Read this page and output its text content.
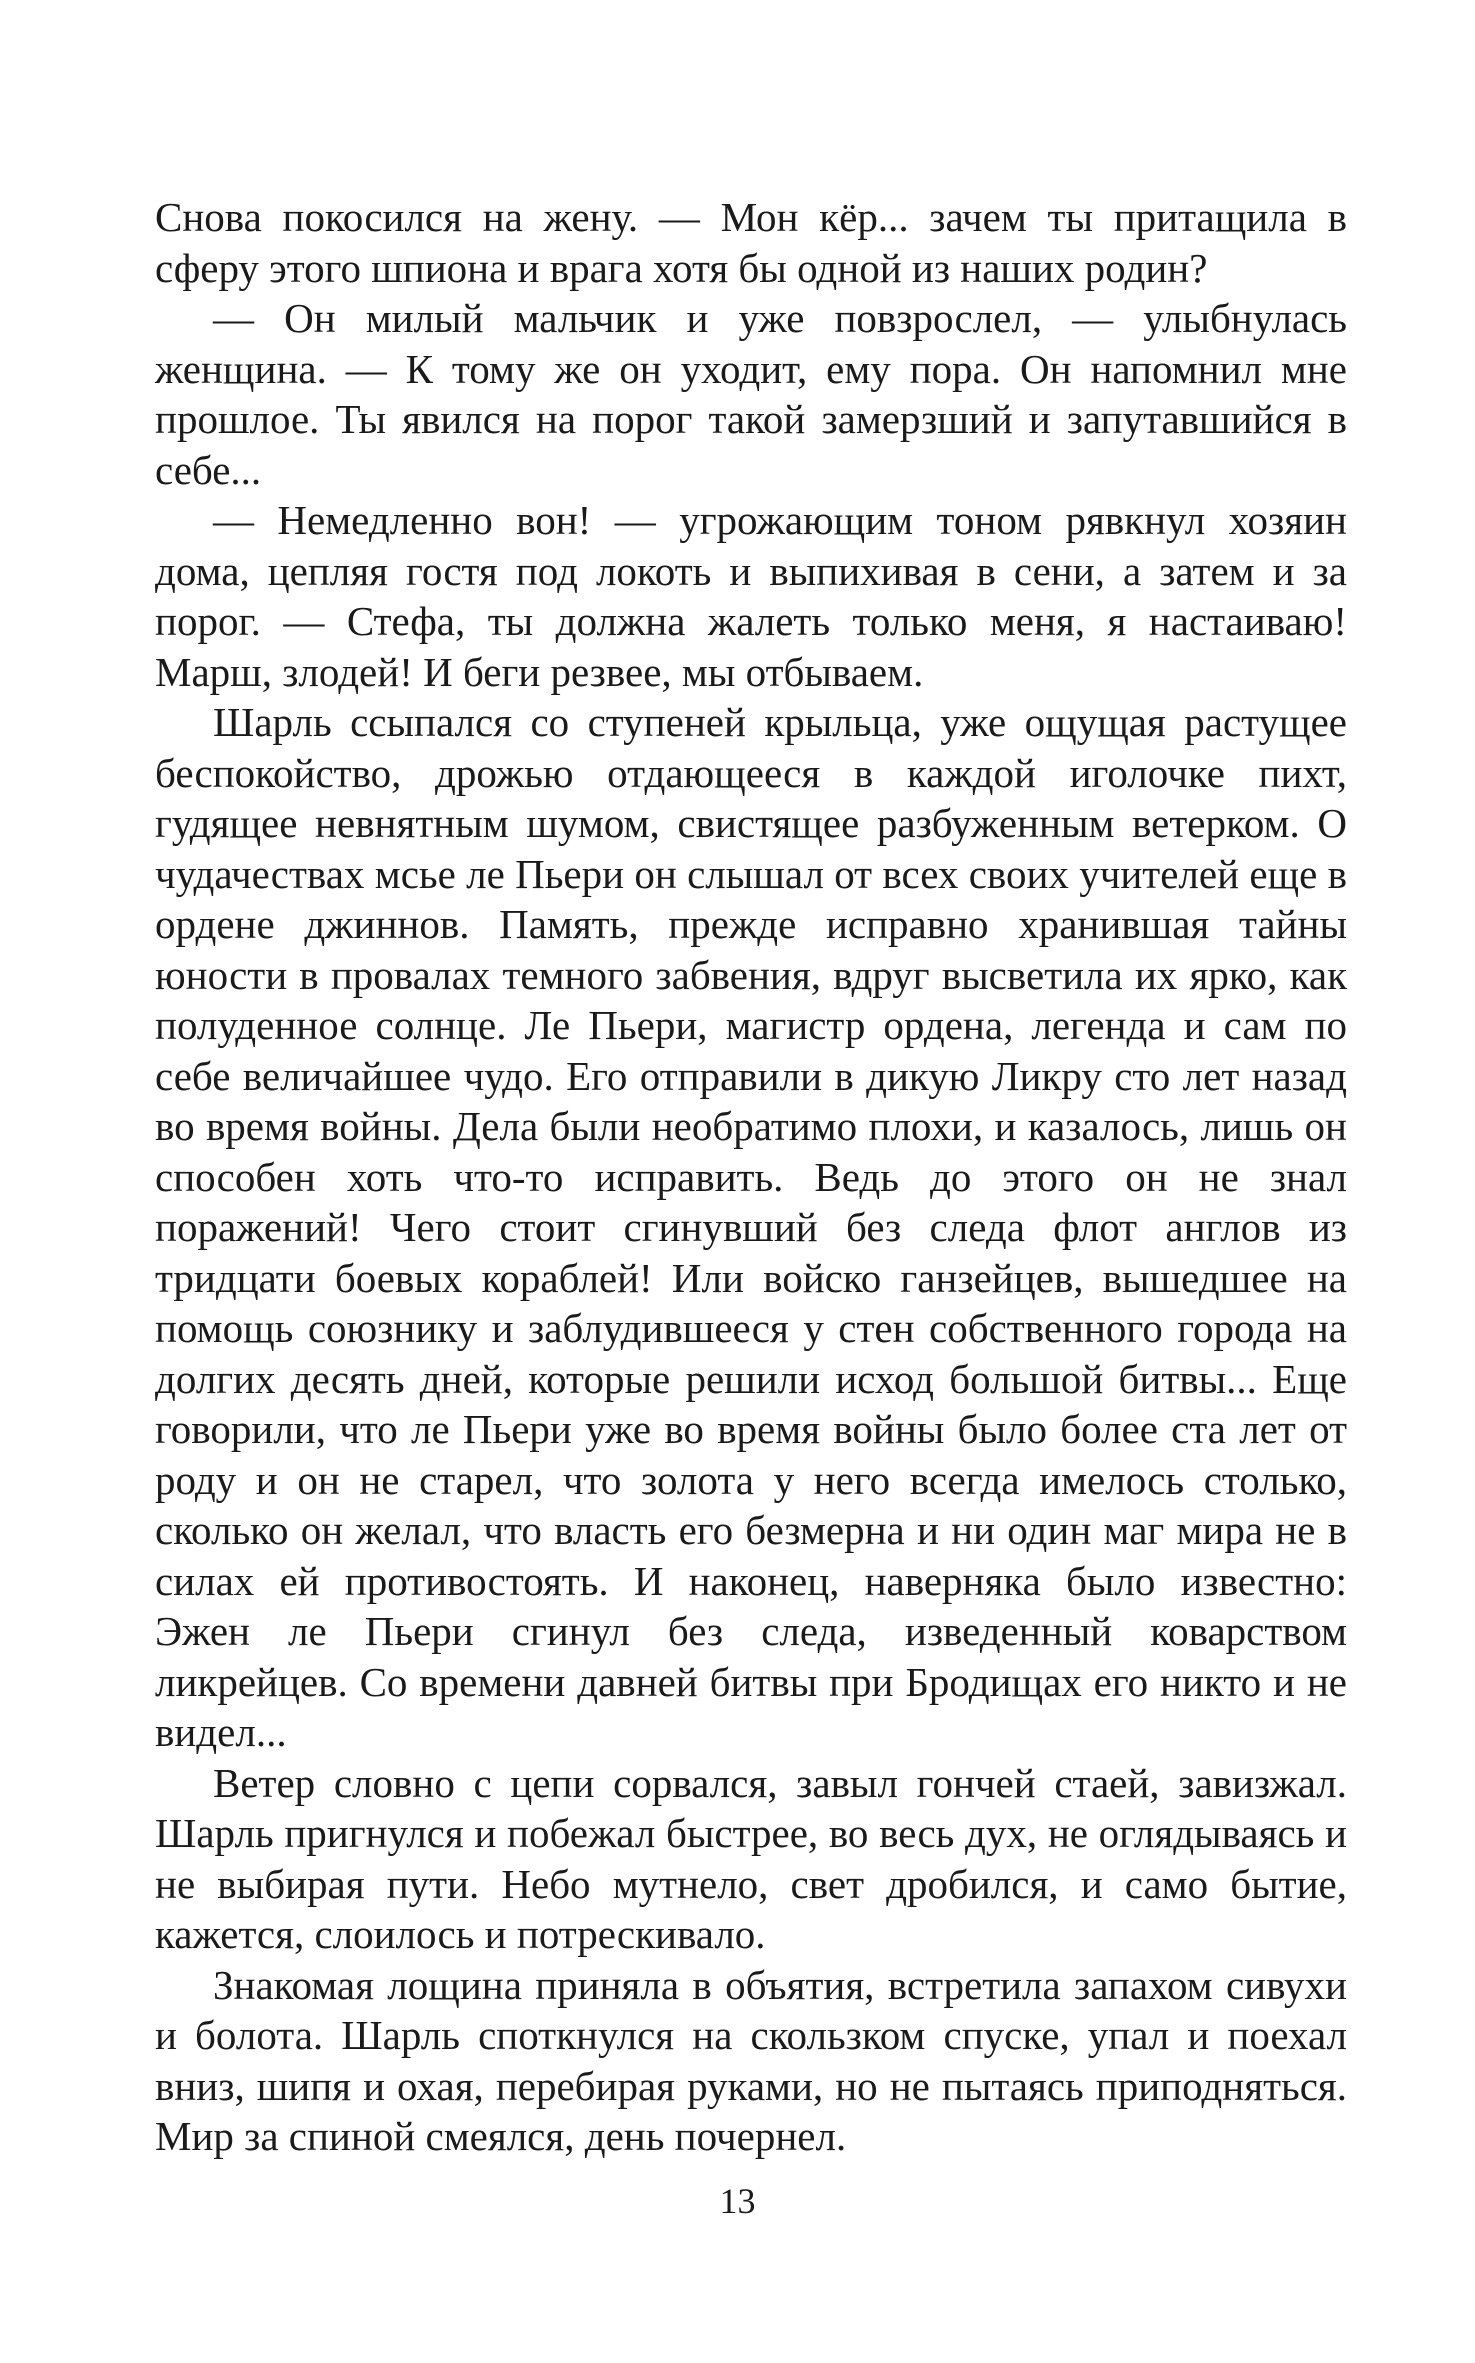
Снова покосился на жену. — Мон кёр... зачем ты притащила в сферу этого шпиона и врага хотя бы одной из наших родин?

— Он милый мальчик и уже повзрослел, — улыбнулась женщина. — К тому же он уходит, ему пора. Он напомнил мне прошлое. Ты явился на порог такой замерзший и запутавшийся в себе...

— Немедленно вон! — угрожающим тоном рявкнул хозяин дома, цепляя гостя под локоть и выпихивая в сени, а затем и за порог. — Стефа, ты должна жалеть только меня, я настаиваю! Марш, злодей! И беги резвее, мы отбываем.

Шарль ссыпался со ступеней крыльца, уже ощущая растущее беспокойство, дрожью отдающееся в каждой иголочке пихт, гудящее невнятным шумом, свистящее разбуженным ветерком. О чудачествах мсье ле Пьери он слышал от всех своих учителей еще в ордене джиннов. Память, прежде исправно хранившая тайны юности в провалах темного забвения, вдруг высветила их ярко, как полуденное солнце. Ле Пьери, магистр ордена, легенда и сам по себе величайшее чудо. Его отправили в дикую Ликру сто лет назад во время войны. Дела были необратимо плохи, и казалось, лишь он способен хоть что-то исправить. Ведь до этого он не знал поражений! Чего стоит сгинувший без следа флот англов из тридцати боевых кораблей! Или войско ганзейцев, вышедшее на помощь союзнику и заблудившееся у стен собственного города на долгих десять дней, которые решили исход большой битвы... Еще говорили, что ле Пьери уже во время войны было более ста лет от роду и он не старел, что золота у него всегда имелось столько, сколько он желал, что власть его безмерна и ни один маг мира не в силах ей противостоять. И наконец, наверняка было известно: Эжен ле Пьери сгинул без следа, изведенный коварством ликрейцев. Со времени давней битвы при Бродищах его никто и не видел...

Ветер словно с цепи сорвался, завыл гончей стаей, завизжал. Шарль пригнулся и побежал быстрее, во весь дух, не оглядываясь и не выбирая пути. Небо мутнело, свет дробился, и само бытие, кажется, слоилось и потрескивало.

Знакомая лощина приняла в объятия, встретила запахом сивухи и болота. Шарль споткнулся на скользком спуске, упал и поехал вниз, шипя и охая, перебирая руками, но не пытаясь приподняться. Мир за спиной смеялся, день почернел.

13
